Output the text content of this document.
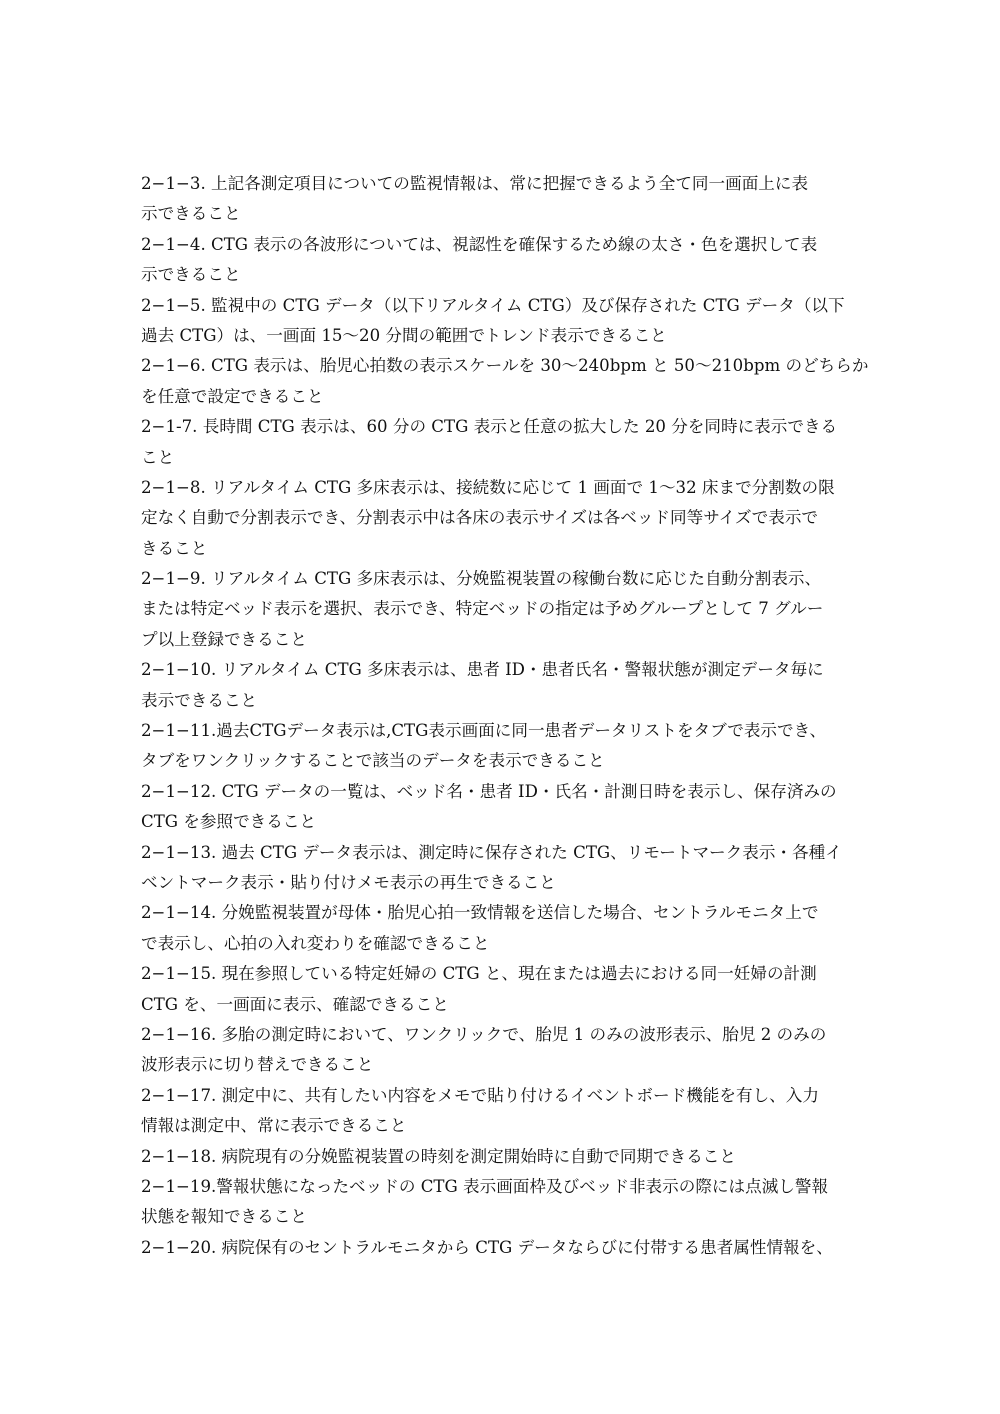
2−1−3. 上記各測定項目についての監視情報は、常に把握できるよう全て同一画面上に表
示できること
2−1−4. CTG 表示の各波形については、視認性を確保するため線の太さ・色を選択して表
示できること
2−1−5. 監視中の CTG データ（以下リアルタイム CTG）及び保存された CTG データ（以下
過去 CTG）は、一画面 15〜20 分間の範囲でトレンド表示できること
2−1−6. CTG 表示は、胎児心拍数の表示スケールを 30〜240bpm と 50〜210bpm のどちらか
を任意で設定できること
2−1‐7. 長時間 CTG 表示は、60 分の CTG 表示と任意の拡大した 20 分を同時に表示できる
こと
2−1−8. リアルタイム CTG 多床表示は、接続数に応じて 1 画面で 1〜32 床まで分割数の限
定なく自動で分割表示でき、分割表示中は各床の表示サイズは各ベッド同等サイズで表示で
きること
2−1−9. リアルタイム CTG 多床表示は、分娩監視装置の稼働台数に応じた自動分割表示、
または特定ベッド表示を選択、表示でき、特定ベッドの指定は予めグループとして 7 グルー
プ以上登録できること
2−1−10. リアルタイム CTG 多床表示は、患者 ID・患者氏名・警報状態が測定データ毎に
表示できること
2−1−11.過去CTGデータ表示は,CTG表示画面に同一患者データリストをタブで表示でき、
タブをワンクリックすることで該当のデータを表示できること
2−1−12. CTG データの一覧は、ベッド名・患者 ID・氏名・計測日時を表示し、保存済みの
CTG を参照できること
2−1−13. 過去 CTG データ表示は、測定時に保存された CTG、リモートマーク表示・各種イ
ベントマーク表示・貼り付けメモ表示の再生できること
2−1−14. 分娩監視装置が母体・胎児心拍一致情報を送信した場合、セントラルモニタ上で
で表示し、心拍の入れ変わりを確認できること
2−1−15. 現在参照している特定妊婦の CTG と、現在または過去における同一妊婦の計測
CTG を、一画面に表示、確認できること
2−1−16. 多胎の測定時において、ワンクリックで、胎児 1 のみの波形表示、胎児 2 のみの
波形表示に切り替えできること
2−1−17. 測定中に、共有したい内容をメモで貼り付けるイベントボード機能を有し、入力
情報は測定中、常に表示できること
2−1−18. 病院現有の分娩監視装置の時刻を測定開始時に自動で同期できること
2−1−19.警報状態になったベッドの CTG 表示画面枠及びベッド非表示の際には点滅し警報
状態を報知できること
2−1−20. 病院保有のセントラルモニタから CTG データならびに付帯する患者属性情報を、
